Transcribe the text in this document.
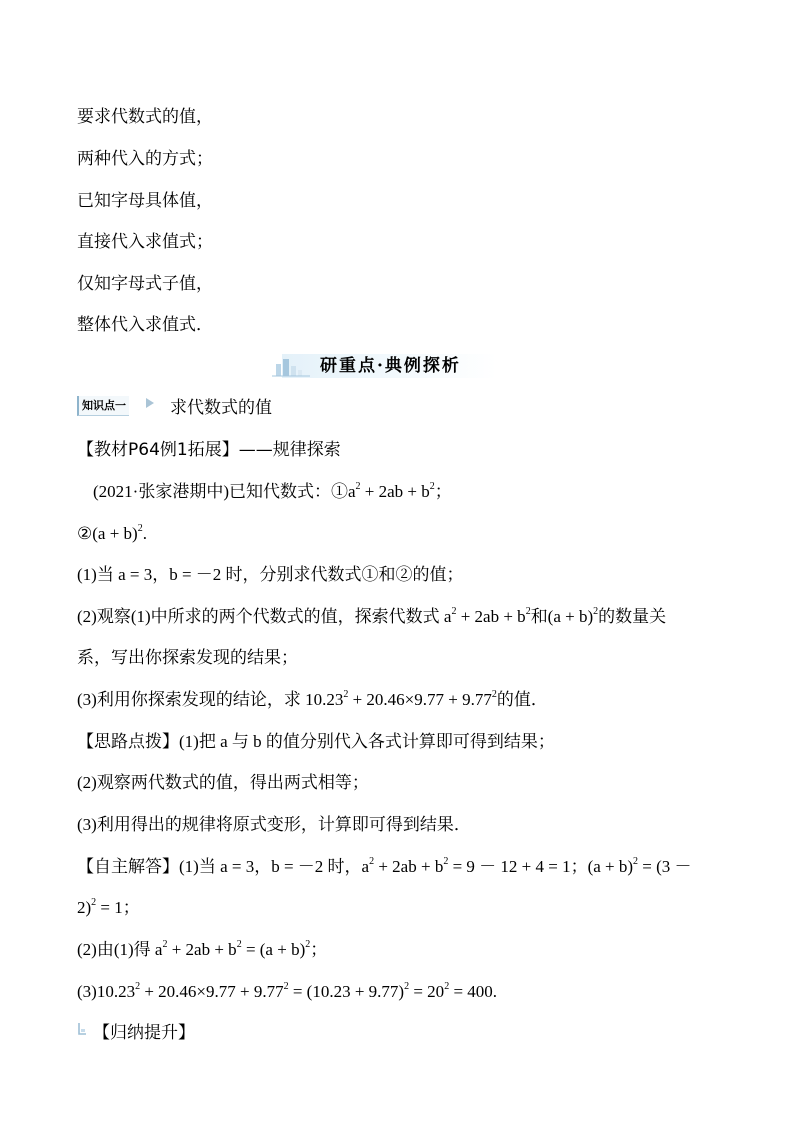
要求代数式的值，
两种代入的方式；
已知字母具体值，
直接代入求值式；
仅知字母式子值，
整体代入求值式．
研重点·典例探析
知识点一	求代数式的值
【教材P64例1拓展】——规律探索
(2021·张家港期中)已知代数式：$①a^2 + 2ab + b^2$；
②(a + b)$^2$.
(1)当 a = 3，b = －2 时，分别求代数式①和②的值；
(2)观察(1)中所求的两个代数式的值，探索代数式 $a^2 + 2ab + b^2$和$(a + b)^2$的数量关
系，写出你探索发现的结果；
(3)利用你探索发现的结论，求 $10.23^2 + 20.46\times 9.77 + 9.77^2$的值．
【思路点拨】(1)把 a 与 b 的值分别代入各式计算即可得到结果；
(2)观察两代数式的值，得出两式相等；
(3)利用得出的规律将原式变形，计算即可得到结果．
【自主解答】(1)当 a = 3，b = －2 时，$a^2 + 2ab + b^2 = 9 - 12 + 4 = 1$；$(a + b)^2 = (3$ －
2)$^2$ = 1；
(2)由(1)得 $a^2 + 2ab + b^2 = (a + b)^2$；
$(3)10.23^2 + 20.46\times 9.77 + 9.77^2 = (10.23 + 9.77)^2 = 20^2 = 400$.
【归纳提升】
